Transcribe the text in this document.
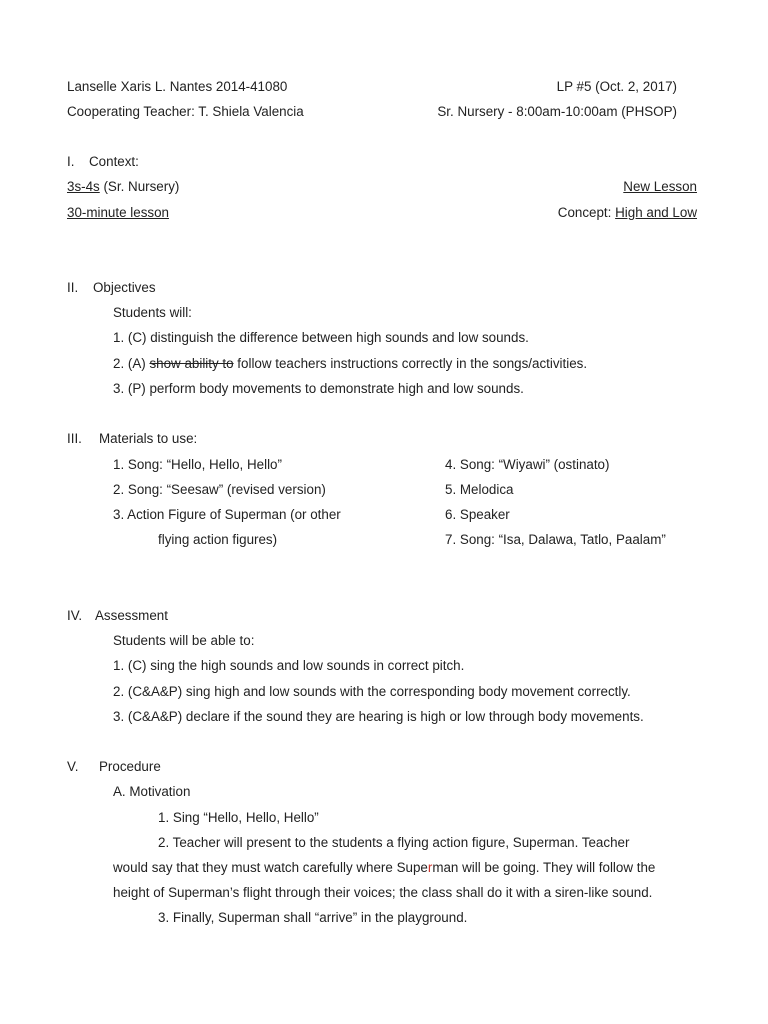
Lanselle Xaris L. Nantes 2014-41080	LP #5 (Oct. 2, 2017)
Cooperating Teacher: T. Shiela Valencia	Sr. Nursery - 8:00am-10:00am (PHSOP)
I. Context:
3s-4s (Sr. Nursery)	New Lesson
30-minute lesson	Concept: High and Low
II. Objectives
Students will:
1. (C) distinguish the difference between high sounds and low sounds.
2. (A) show ability to follow teachers instructions correctly in the songs/activities.
3. (P) perform body movements to demonstrate high and low sounds.
III. Materials to use:
1. Song: “Hello, Hello, Hello”	4. Song: “Wiyawi” (ostinato)
2. Song: “Seesaw” (revised version)	5. Melodica
3. Action Figure of Superman (or other	6. Speaker
flying action figures)	7. Song: “Isa, Dalawa, Tatlo, Paalam”
IV. Assessment
Students will be able to:
1. (C) sing the high sounds and low sounds in correct pitch.
2. (C&A&P) sing high and low sounds with the corresponding body movement correctly.
3. (C&A&P) declare if the sound they are hearing is high or low through body movements.
V. Procedure
A. Motivation
1. Sing “Hello, Hello, Hello”
2. Teacher will present to the students a flying action figure, Superman. Teacher
would say that they must watch carefully where Superman will be going. They will follow the
height of Superman’s flight through their voices; the class shall do it with a siren-like sound.
3. Finally, Superman shall “arrive” in the playground.
